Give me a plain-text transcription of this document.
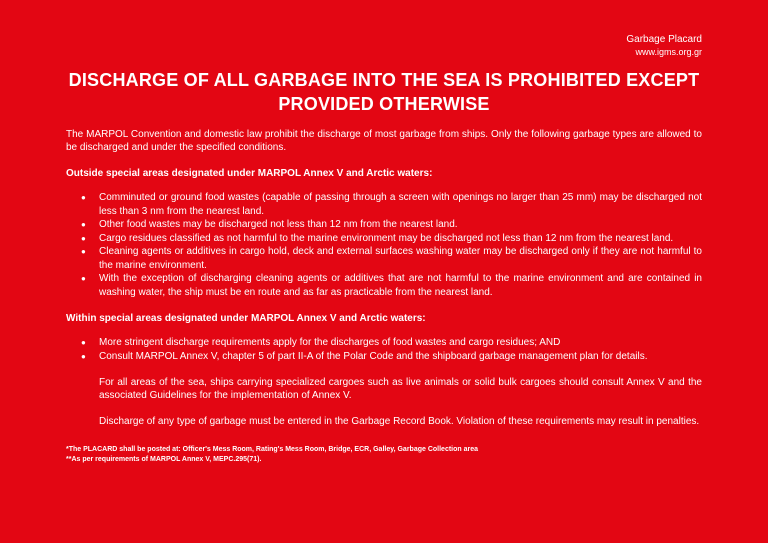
Garbage Placard
www.igms.org.gr
DISCHARGE OF ALL GARBAGE INTO THE SEA IS PROHIBITED EXCEPT PROVIDED OTHERWISE

The MARPOL Convention and domestic law prohibit the discharge of most garbage from ships. Only the following garbage types are allowed to be discharged and under the specified conditions.

Outside special areas designated under MARPOL Annex V and Arctic waters:

● Comminuted or ground food wastes (capable of passing through a screen with openings no larger than 25 mm) may be discharged not less than 3 nm from the nearest land.
● Other food wastes may be discharged not less than 12 nm from the nearest land.
● Cargo residues classified as not harmful to the marine environment may be discharged not less than 12 nm from the nearest land.
● Cleaning agents or additives in cargo hold, deck and external surfaces washing water may be discharged only if they are not harmful to the marine environment.
● With the exception of discharging cleaning agents or additives that are not harmful to the marine environment and are contained in washing water, the ship must be en route and as far as practicable from the nearest land.

Within special areas designated under MARPOL Annex V and Arctic waters:

● More stringent discharge requirements apply for the discharges of food wastes and cargo residues; AND
● Consult MARPOL Annex V, chapter 5 of part II-A of the Polar Code and the shipboard garbage management plan for details.

For all areas of the sea, ships carrying specialized cargoes such as live animals or solid bulk cargoes should consult Annex V and the associated Guidelines for the implementation of Annex V.

Discharge of any type of garbage must be entered in the Garbage Record Book. Violation of these requirements may result in penalties.

*The PLACARD shall be posted at: Officer's Mess Room, Rating's Mess Room, Bridge, ECR, Galley, Garbage Collection area
**As per requirements of MARPOL Annex V, MEPC.295(71).
